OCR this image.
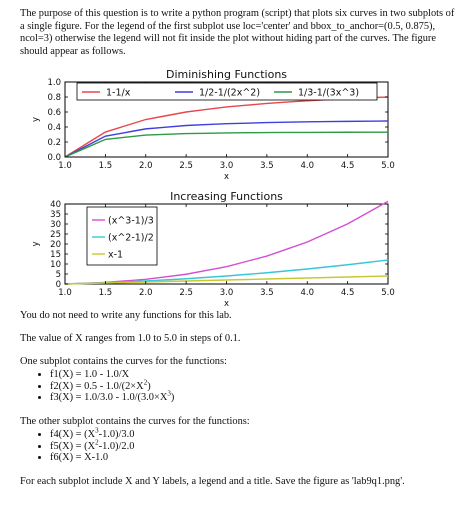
The purpose of this question is to write a python program (script) that plots six curves in two subplots of a single figure. For the legend of the first subplot use loc='center' and bbox_to_anchor=(0.5, 0.875), ncol=3) otherwise the legend will not fit inside the plot without hiding part of the curves. The figure should appear as follows.

Diminishing Functions
1.0	1.5	2.0	2.5	3.0	3.5	4.0	4.5	5.0
0.0
0.2
0.4
0.6
0.8
1.0
x
y
1-1/x	1/2-1/(2x^2)	1/3-1/(3x^3)
Increasing Functions
1.0	1.5	2.0	2.5	3.0	3.5	4.0	4.5	5.0
0
5
10
15
20
25
30
35
40
x
y
(x^3-1)/3
(x^2-1)/2
x-1

You do not need to write any functions for this lab.

The value of X ranges from 1.0 to 5.0 in steps of 0.1.

One subplot contains the curves for the functions:

• f1(X) = 1.0 - 1.0/X
• $f2(X) = 0.5 - 1.0/(2\times X^2)$
• $f3(X) = 1.0/3.0 - 1.0/(3.0\times X^3)$

The other subplot contains the curves for the functions:

• $f4(X) = (X^3-1.0)/3.0$
• $f5(X) = (X^2-1.0)/2.0$
• f6(X) = X-1.0

For each subplot include X and Y labels, a legend and a title. Save the figure as 'lab9q1.png'.
